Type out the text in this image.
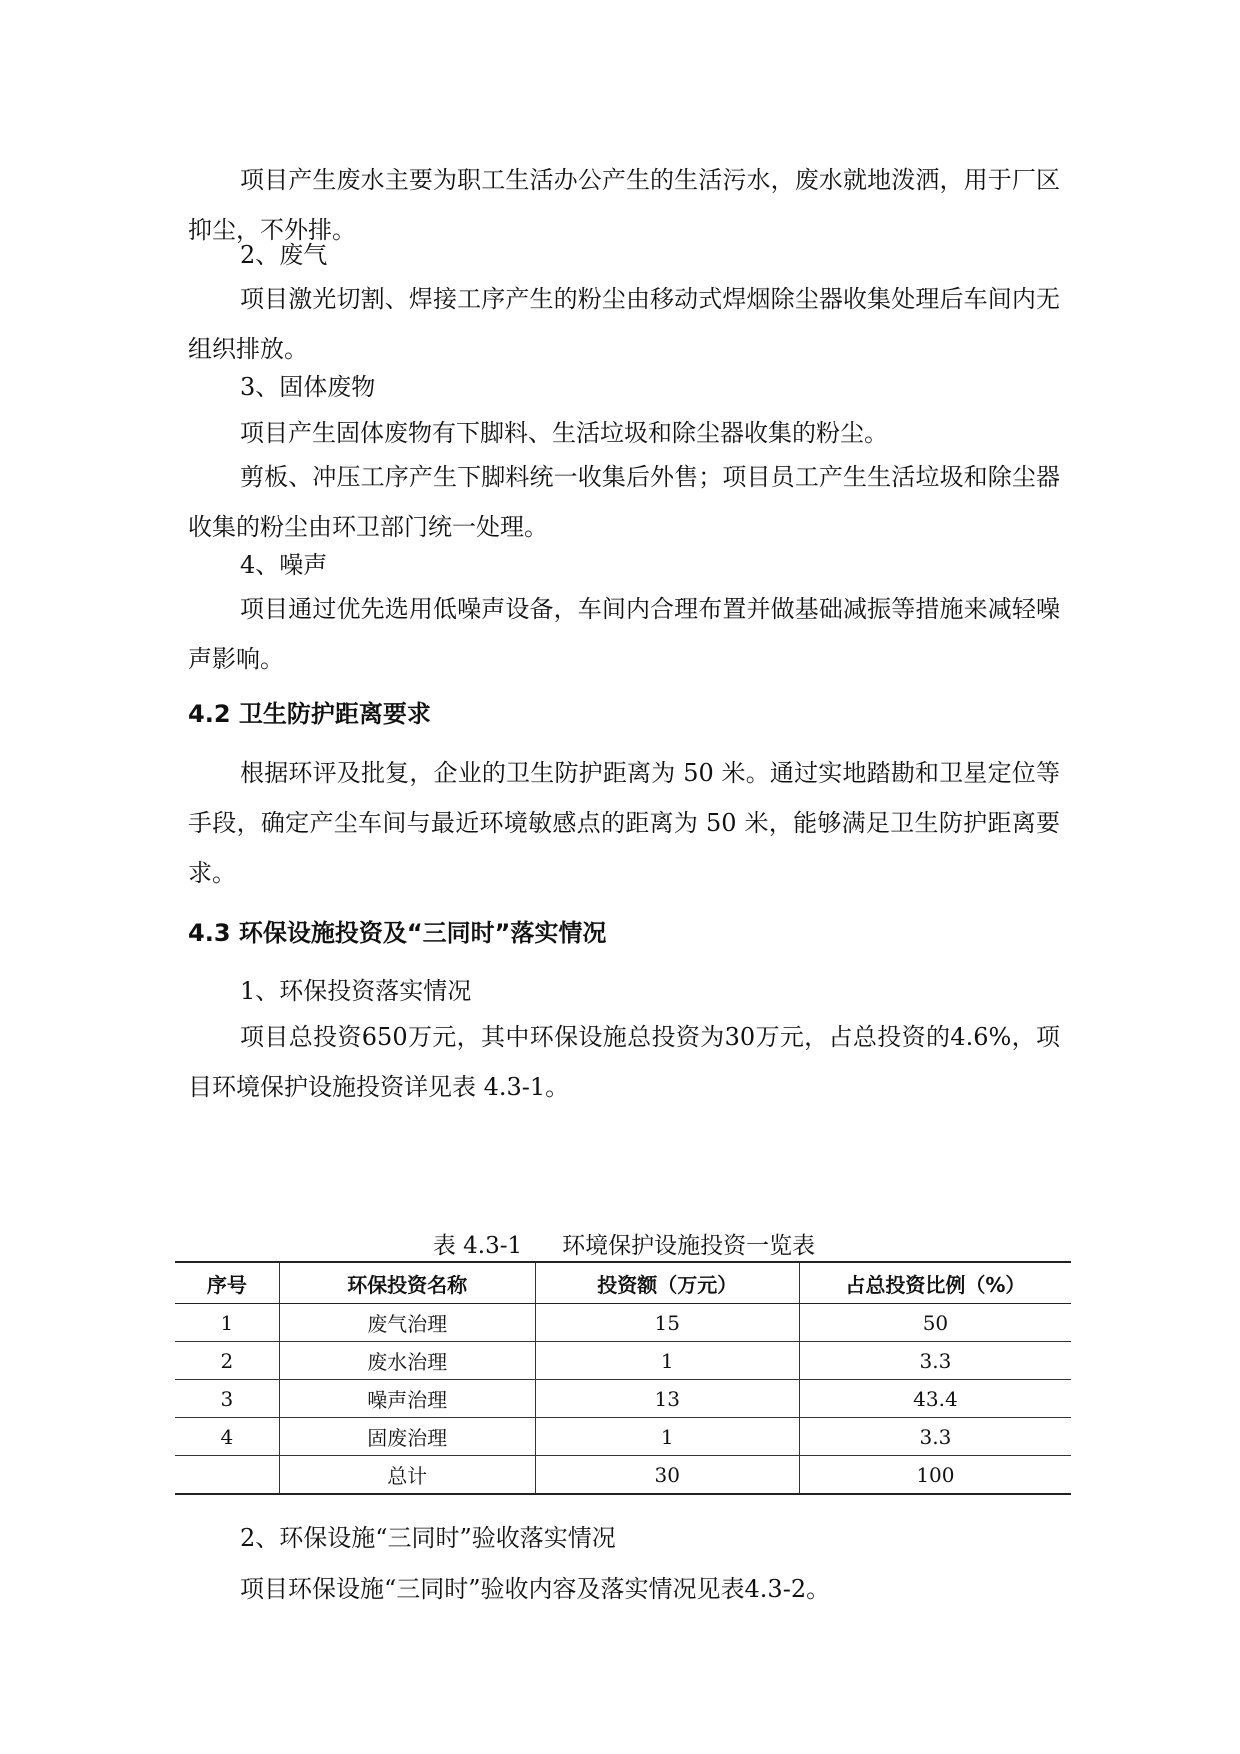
项目产生废水主要为职工生活办公产生的生活污水，废水就地泼洒，用于厂区抑尘，不外排。

2、废气

项目激光切割、焊接工序产生的粉尘由移动式焊烟除尘器收集处理后车间内无组织排放。

3、固体废物

项目产生固体废物有下脚料、生活垃圾和除尘器收集的粉尘。

剪板、冲压工序产生下脚料统一收集后外售；项目员工产生生活垃圾和除尘器收集的粉尘由环卫部门统一处理。

4、噪声

项目通过优先选用低噪声设备，车间内合理布置并做基础减振等措施来减轻噪声影响。

4.2 卫生防护距离要求

根据环评及批复，企业的卫生防护距离为 50 米。通过实地踏勘和卫星定位等手段，确定产尘车间与最近环境敏感点的距离为 50 米，能够满足卫生防护距离要求。

4.3 环保设施投资及“三同时”落实情况

1、环保投资落实情况

项目总投资650万元，其中环保设施总投资为30万元，占总投资的4.6%，项目环境保护设施投资详见表 4.3-1。

表 4.3-1 环境保护设施投资一览表

序号	环保投资名称	投资额（万元）	占总投资比例（%）
1	废气治理	15	50
2	废水治理	1	3.3
3	噪声治理	13	43.4
4	固废治理	1	3.3
	总计	30	100

2、环保设施“三同时”验收落实情况

项目环保设施“三同时”验收内容及落实情况见表4.3-2。
